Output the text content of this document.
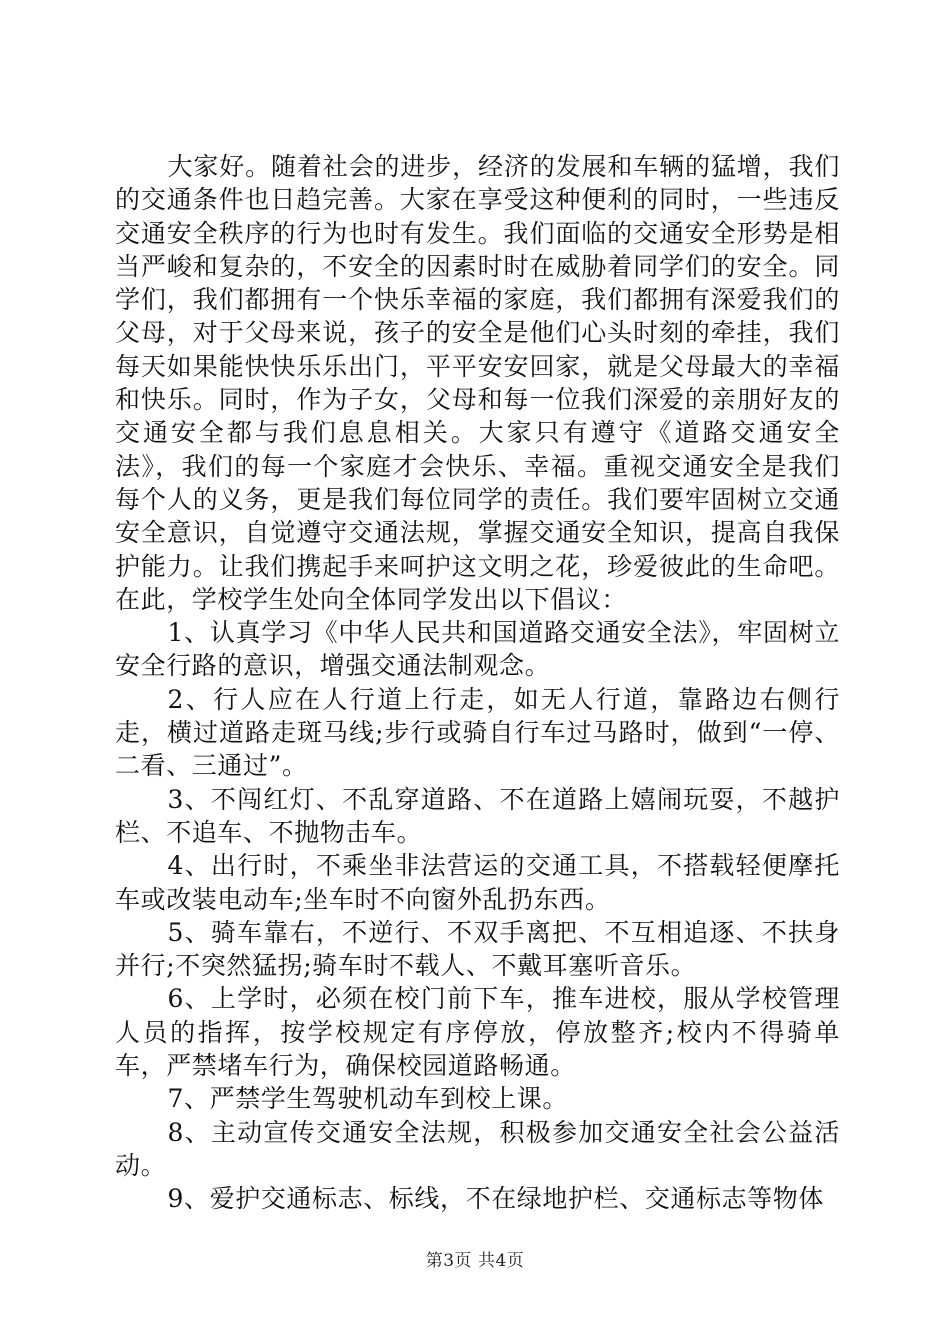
大家好。随着社会的进步，经济的发展和车辆的猛增，我们的交通条件也日趋完善。大家在享受这种便利的同时，一些违反交通安全秩序的行为也时有发生。我们面临的交通安全形势是相当严峻和复杂的，不安全的因素时时在威胁着同学们的安全。同学们，我们都拥有一个快乐幸福的家庭，我们都拥有深爱我们的父母，对于父母来说，孩子的安全是他们心头时刻的牵挂，我们每天如果能快快乐乐出门，平平安安回家，就是父母最大的幸福和快乐。同时，作为子女，父母和每一位我们深爱的亲朋好友的交通安全都与我们息息相关。大家只有遵守《道路交通安全法》，我们的每一个家庭才会快乐、幸福。重视交通安全是我们每个人的义务，更是我们每位同学的责任。我们要牢固树立交通安全意识，自觉遵守交通法规，掌握交通安全知识，提高自我保护能力。让我们携起手来呵护这文明之花，珍爱彼此的生命吧。在此，学校学生处向全体同学发出以下倡议：

1、认真学习《中华人民共和国道路交通安全法》，牢固树立安全行路的意识，增强交通法制观念。

2、行人应在人行道上行走，如无人行道，靠路边右侧行走，横过道路走斑马线;步行或骑自行车过马路时，做到“一停、二看、三通过”。

3、不闯红灯、不乱穿道路、不在道路上嬉闹玩耍，不越护栏、不追车、不抛物击车。

4、出行时，不乘坐非法营运的交通工具，不搭载轻便摩托车或改装电动车;坐车时不向窗外乱扔东西。

5、骑车靠右，不逆行、不双手离把、不互相追逐、不扶身并行;不突然猛拐;骑车时不载人、不戴耳塞听音乐。

6、上学时，必须在校门前下车，推车进校，服从学校管理人员的指挥，按学校规定有序停放，停放整齐;校内不得骑单车，严禁堵车行为，确保校园道路畅通。

7、严禁学生驾驶机动车到校上课。

8、主动宣传交通安全法规，积极参加交通安全社会公益活动。

9、爱护交通标志、标线，不在绿地护栏、交通标志等物体

第3页 共4页
